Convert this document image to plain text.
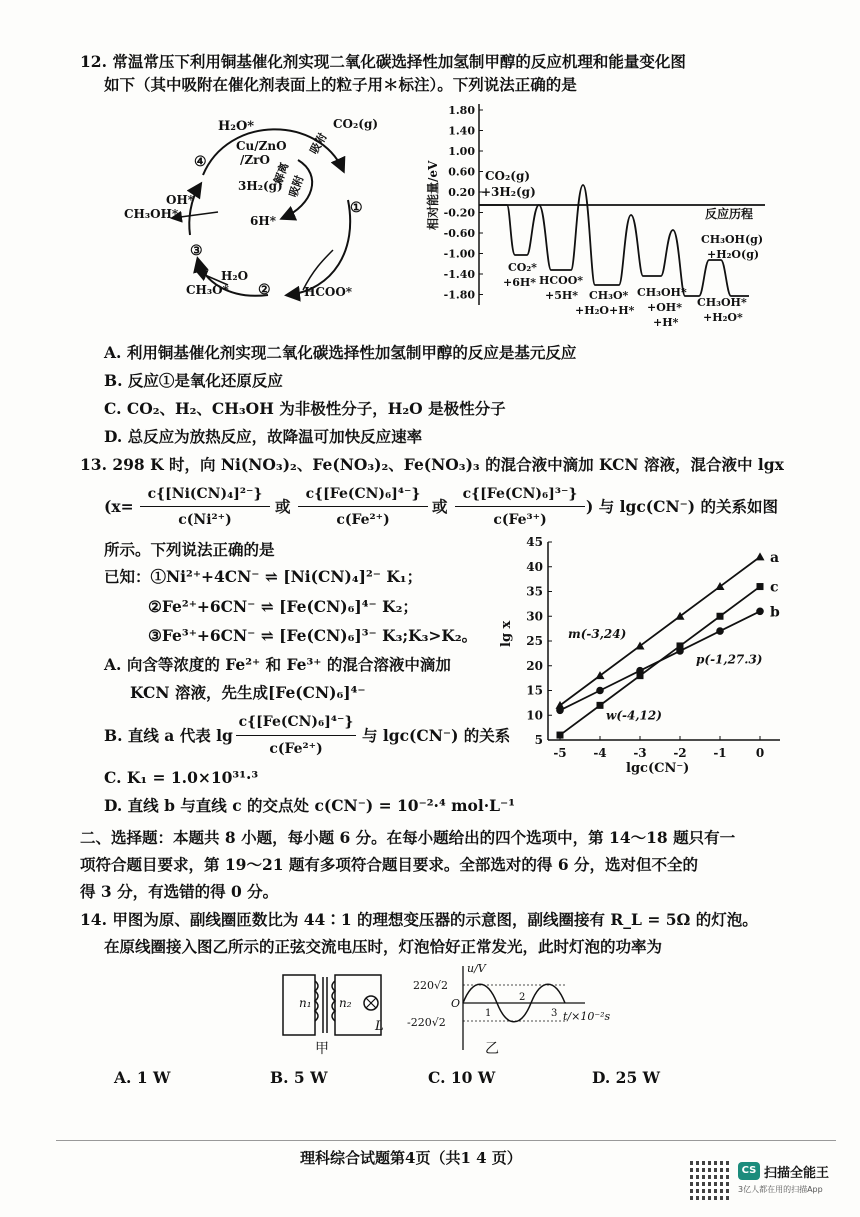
12. 常温常压下利用铜基催化剂实现二氧化碳选择性加氢制甲醇的反应机理和能量变化图
如下（其中吸附在催化剂表面上的粒子用＊标注）。下列说法正确的是
H₂O*
Cu/ZnO
/ZrO
CO₂(g)
吸附
解离
吸附
3H₂(g)
6H*
OH*
CH₃OH*
H₂O
CH₃O*	HCOO*
①
②
③
④
1.80
1.40
1.00
0.60
0.20
-0.20
-0.60
-1.00
-1.40
-1.80
相对能量/eV	CO₂(g)
+3H₂(g)
反应历程
CO₂*
+6H* HCOO*
+5H* CH₃O*
+H₂O+H*
CH₃OH*
+OH*
+H*
CH₃OH(g)
+H₂O(g)
CH₃OH*
+H₂O*
A. 利用铜基催化剂实现二氧化碳选择性加氢制甲醇的反应是基元反应
B. 反应①是氧化还原反应
C. CO₂、H₂、CH₃OH 为非极性分子，H₂O 是极性分子
D. 总反应为放热反应，故降温可加快反应速率
13. 298 K 时，向 Ni(NO₃)₂、Fe(NO₃)₂、Fe(NO₃)₃ 的混合液中滴加 KCN 溶液，混合液中 lgx
(x=
c{[Ni(CN)₄]²⁻}
c(Ni²⁺)
或
c{[Fe(CN)₆]⁴⁻}
c(Fe²⁺)
或
c{[Fe(CN)₆]³⁻}
c(Fe³⁺)
) 与 lgc(CN⁻) 的关系如图
所示。下列说法正确的是
已知：①Ni²⁺+4CN⁻ ⇌ [Ni(CN)₄]²⁻ K₁；
②Fe²⁺+6CN⁻ ⇌ [Fe(CN)₆]⁴⁻ K₂；
③Fe³⁺+6CN⁻ ⇌ [Fe(CN)₆]³⁻ K₃;K₃>K₂。
A. 向含等浓度的 Fe²⁺ 和 Fe³⁺ 的混合溶液中滴加
KCN 溶液，先生成[Fe(CN)₆]⁴⁻
B. 直线 a 代表 lg
c{[Fe(CN)₆]⁴⁻}
c(Fe²⁺)
与 lgc(CN⁻) 的关系
C. K₁ = 1.0×10³¹·³
D. 直线 b 与直线 c 的交点处 c(CN⁻) = 10⁻²·⁴ mol·L⁻¹
5
10
15
20
25
30
35
40
45
-5 -4 -3 -2 -1 0
a
b
c
m(-3,24)
p(-1,27.3)
w(-4,12)
lg x
lgc(CN⁻)
二、选择题：本题共 8 小题，每小题 6 分。在每小题给出的四个选项中，第 14～18 题只有一
项符合题目要求，第 19～21 题有多项符合题目要求。全部选对的得 6 分，选对但不全的
得 3 分，有选错的得 0 分。
14. 甲图为原、副线圈匝数比为 44∶1 的理想变压器的示意图，副线圈接有 R_L = 5Ω 的灯泡。
在原线圈接入图乙所示的正弦交流电压时，灯泡恰好正常发光，此时灯泡的功率为
n₁ n₂
L
甲
u/V
220√2
O
-220√2
1
2
3 t/×10⁻²s
乙
A. 1 W	B. 5 W	C. 10 W	D. 25 W
理科综合试题第4页（共1 4 页）
CS 扫描全能王
3亿人都在用的扫描App
